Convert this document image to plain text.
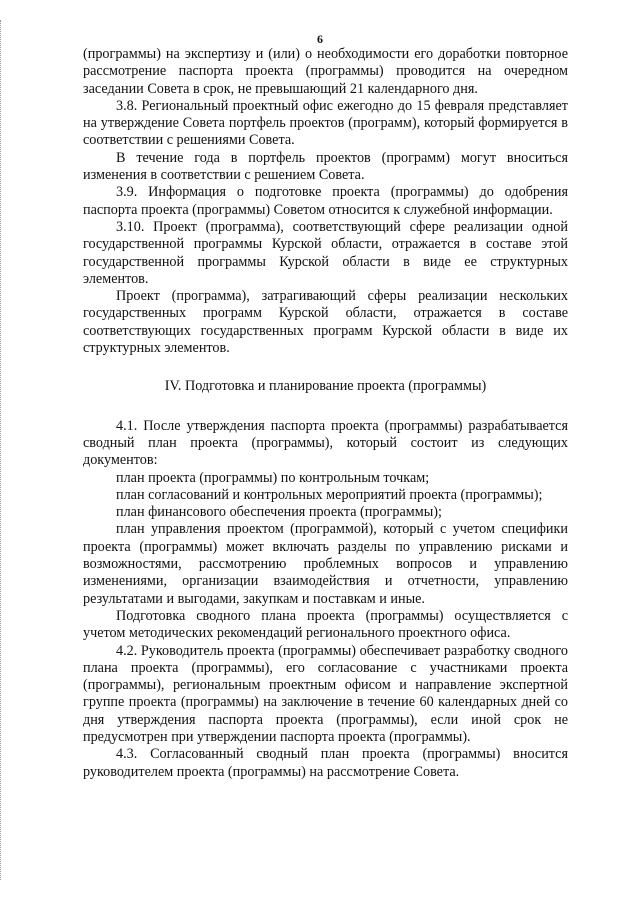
6

(программы) на экспертизу и (или) о необходимости его доработки повторное рассмотрение паспорта проекта (программы) проводится на очередном заседании Совета в срок, не превышающий 21 календарного дня.

3.8. Региональный проектный офис ежегодно до 15 февраля представляет на утверждение Совета портфель проектов (программ), который формируется в соответствии с решениями Совета.

В течение года в портфель проектов (программ) могут вноситься изменения в соответствии с решением Совета.

3.9. Информация о подготовке проекта (программы) до одобрения паспорта проекта (программы) Советом относится к служебной информации.

3.10. Проект (программа), соответствующий сфере реализации одной государственной программы Курской области, отражается в составе этой государственной программы Курской области в виде ее структурных элементов.

Проект (программа), затрагивающий сферы реализации нескольких государственных программ Курской области, отражается в составе соответствующих государственных программ Курской области в виде их структурных элементов.

IV. Подготовка и планирование проекта (программы)

4.1. После утверждения паспорта проекта (программы) разрабатывается сводный план проекта (программы), который состоит из следующих документов:

план проекта (программы) по контрольным точкам;

план согласований и контрольных мероприятий проекта (программы);

план финансового обеспечения проекта (программы);

план управления проектом (программой), который с учетом специфики проекта (программы) может включать разделы по управлению рисками и возможностями, рассмотрению проблемных вопросов и управлению изменениями, организации взаимодействия и отчетности, управлению результатами и выгодами, закупкам и поставкам и иные.

Подготовка сводного плана проекта (программы) осуществляется с учетом методических рекомендаций регионального проектного офиса.

4.2. Руководитель проекта (программы) обеспечивает разработку сводного плана проекта (программы), его согласование с участниками проекта (программы), региональным проектным офисом и направление экспертной группе проекта (программы) на заключение в течение 60 календарных дней со дня утверждения паспорта проекта (программы), если иной срок не предусмотрен при утверждении паспорта проекта (программы).

4.3. Согласованный сводный план проекта (программы) вносится руководителем проекта (программы) на рассмотрение Совета.
